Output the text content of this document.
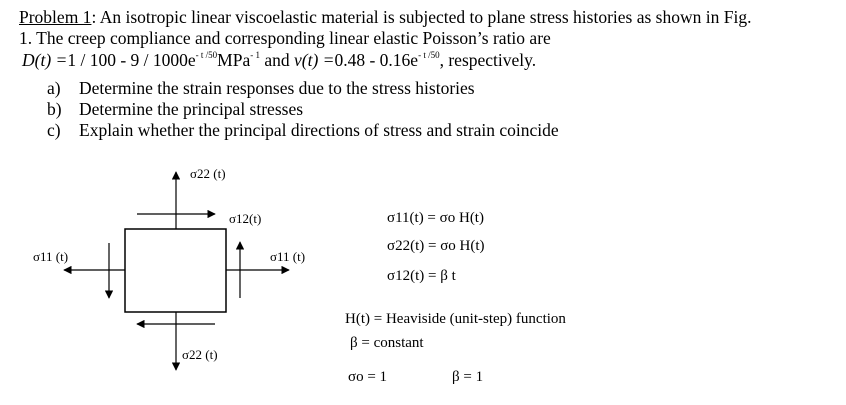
Problem 1: An isotropic linear viscoelastic material is subjected to plane stress histories as shown in Fig.
1. The creep compliance and corresponding linear elastic Poisson’s ratio are
$D(t) =1 / 100 - 9 / 1000e^{- t /50}MPa^{- 1}$ and $\nu(t) =0.48 - 0.16e^{- t /50}$, respectively.
a) Determine the strain responses due to the stress histories
b) Determine the principal stresses
c) Explain whether the principal directions of stress and strain coincide
σ22 (t)
σ12(t)
σ11 (t)	σ11 (t)
σ22 (t)
σ11(t) = σo H(t)
σ22(t) = σo H(t)
σ12(t) = β t
H(t) = Heaviside (unit-step) function
β = constant
σo = 1	β = 1
